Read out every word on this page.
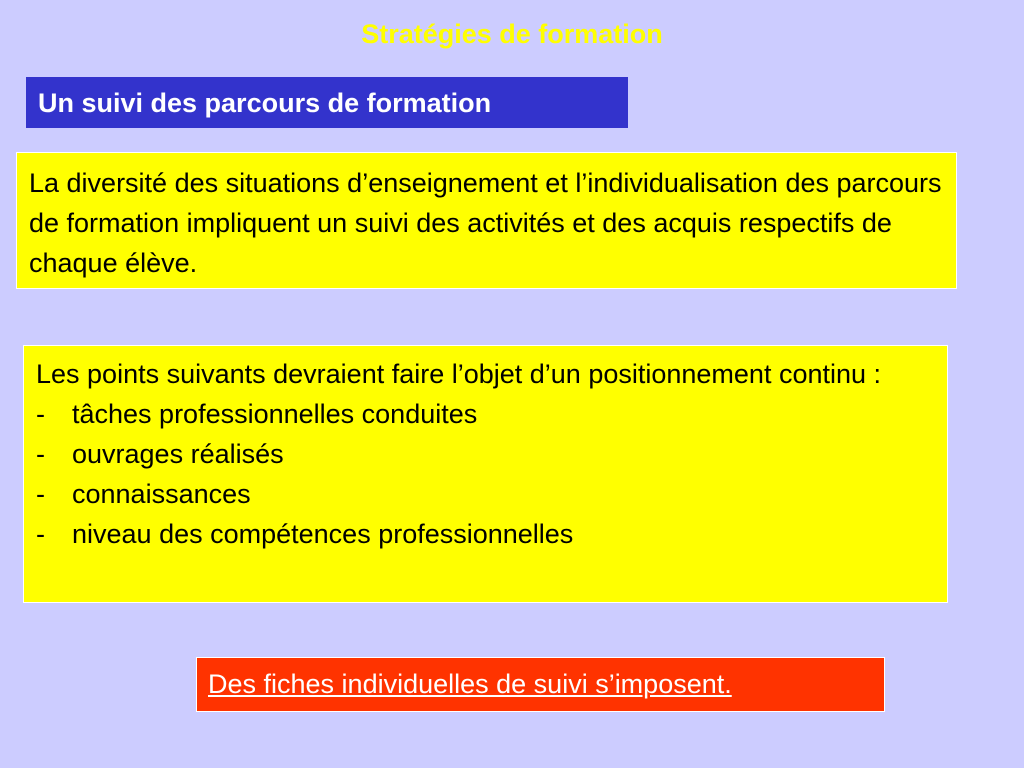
Stratégies de formation
Un suivi des parcours de formation
La diversité des situations d’enseignement et l’individualisation des parcours de formation impliquent un suivi des activités et des acquis respectifs de chaque élève.
Les points suivants devraient faire l’objet d’un positionnement continu :
-	tâches professionnelles conduites
-	ouvrages réalisés
-	connaissances
-	niveau des compétences professionnelles
Des fiches individuelles de suivi s’imposent.
